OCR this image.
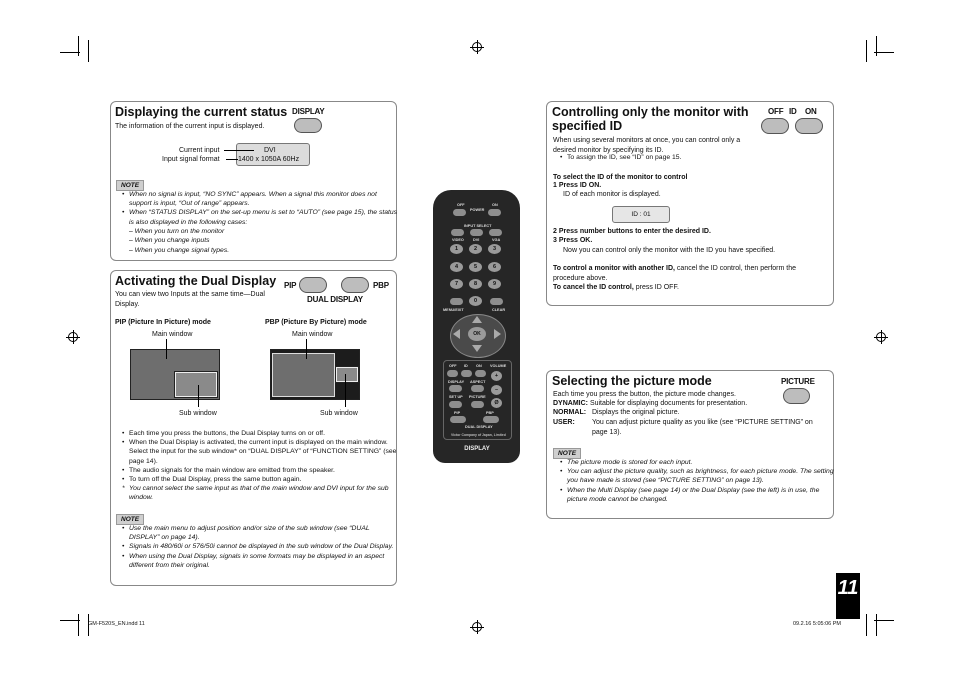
11
GM-F520S_EN.indd 11	09.2.16 5:05:06 PM
Displaying the current status DISPLAY
The information of the current input is displayed.
Current input
Input signal format
DVI
1400 x 1050A 60Hz
NOTE
• When no signal is input, “NO SYNC” appears. When a signal this monitor does not support is input, “Out of range” appears.
• When “STATUS DISPLAY” on the set-up menu is set to “AUTO” (see page 15), the status is also displayed in the following cases:
– When you turn on the monitor
– When you change inputs
– When you change signal types.
Activating the Dual Display PIP	PBP
DUAL DISPLAY
You can view two Inputs at the same time—Dual Display.
PIP (Picture In Picture) mode	PBP (Picture By Picture) mode
Main window	Main window
Sub window	Sub window
• Each time you press the buttons, the Dual Display turns on or off.
• When the Dual Display is activated, the current input is displayed on the main window. Select the input for the sub window* on “DUAL DISPLAY” of “FUNCTION SETTING” (see page 14).
• The audio signals for the main window are emitted from the speaker.
• To turn off the Dual Display, press the same button again.
* You cannot select the same input as that of the main window and DVI input for the sub window.
NOTE
• Use the main menu to adjust position and/or size of the sub window (see “DUAL DISPLAY” on page 14).
• Signals in 480/60i or 576/50i cannot be displayed in the sub window of the Dual Display.
• When using the Dual Display, signals in some formats may be displayed in an aspect different from their original.
OFF	ON
POWER
INPUT SELECT
VIDEO DVI	VGA
1	2	3
4	5	6
7	8	9
0
MENU/EXIT	CLEAR
OK
OFF ID ON VOLUME
+
DISPLAY ASPECT
–
SET UP PICTURE
Ø
PIP	PBP
DUAL DISPLAY
Victor Company of Japan, Limited
DISPLAY
Controlling only the monitor with
specified ID
OFF ID ON
When using several monitors at once, you can control only a desired monitor by specifying its ID.
• To assign the ID, see “ID” on page 15.
To select the ID of the monitor to control
1 Press ID ON.
ID of each monitor is displayed.
ID : 01
2 Press number buttons to enter the desired ID.
3 Press OK.
Now you can control only the monitor with the ID you have specified.
To control a monitor with another ID, cancel the ID control, then perform the procedure above.
To cancel the ID control, press ID OFF.
Selecting the picture mode	PICTURE
Each time you press the button, the picture mode changes.
DYNAMIC: Suitable for displaying documents for presentation.
NORMAL: Displays the original picture.
USER: You can adjust picture quality as you like (see “PICTURE SETTING” on page 13).
NOTE
• The picture mode is stored for each input.
• You can adjust the picture quality, such as brightness, for each picture mode. The setting you have made is stored (see “PICTURE SETTING” on page 13).
• When the Multi Display (see page 14) or the Dual Display (see the left) is in use, the picture mode cannot be changed.
